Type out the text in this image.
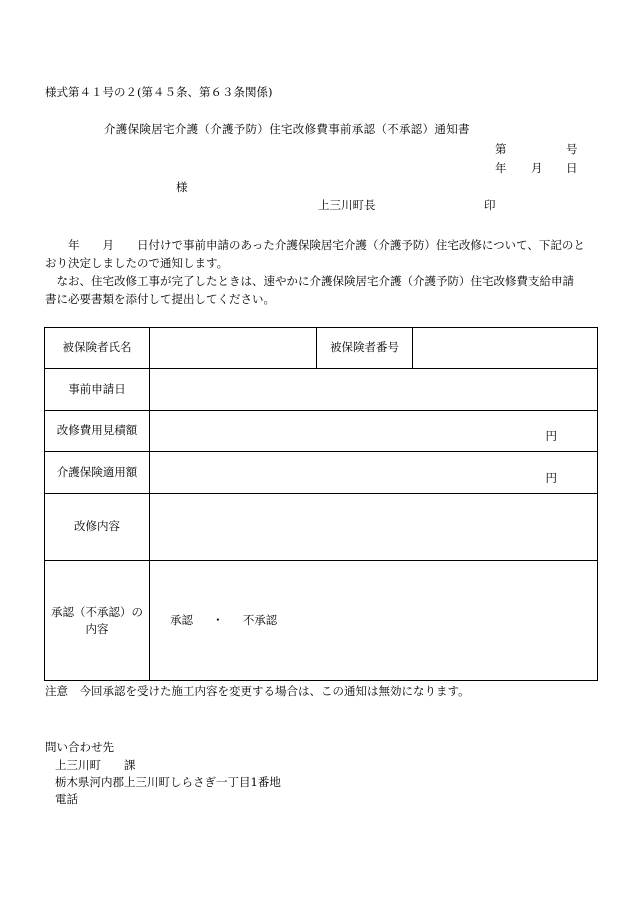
様式第４１号の２(第４５条、第６３条関係)
介護保険居宅介護（介護予防）住宅改修費事前承認（不承認）通知書
第	号
年 月 日
様
上三川町長	印
年　　 月　　 日付けで事前申請のあった介護保険居宅介護（介護予防）住宅改修について、下記のとおり決定しましたので通知します。
なお、住宅改修工事が完了したときは、速やかに介護保険居宅介護（介護予防）住宅改修費支給申請書に必要書類を添付して提出してください。
被保険者氏名		被保険者番号	
事前申請日			
改修費用見積額	円		

介護保険適用額	円		

改修内容			
承認（不承認）の
内容	承認 　 ・ 　 不承認		
注意　今回承認を受けた施工内容を変更する場合は、この通知は無効になります。
問い合わせ先
上三川町　　課
栃木県河内郡上三川町しらさぎ一丁目1番地
電話
